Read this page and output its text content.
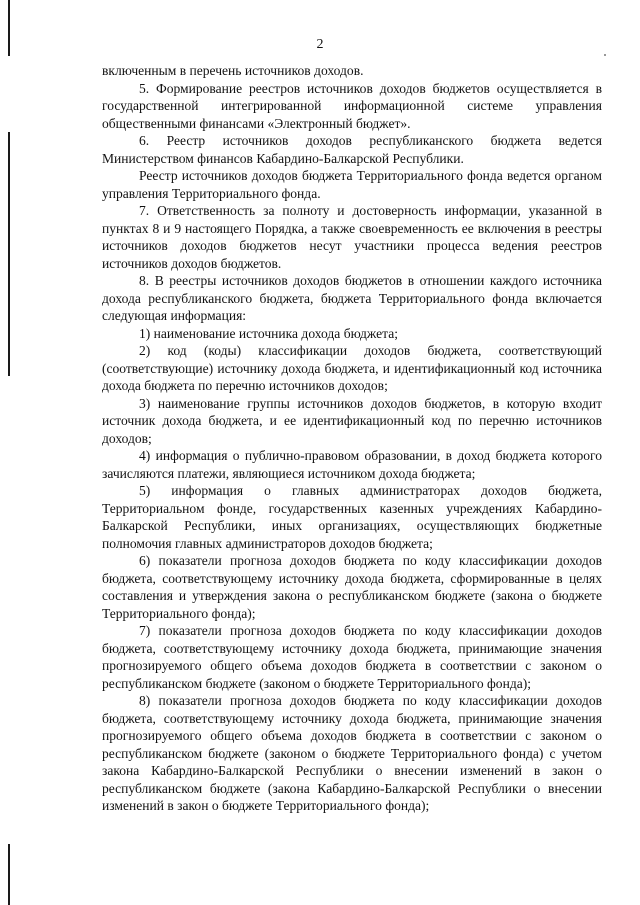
2

включенным в перечень источников доходов.

5. Формирование реестров источников доходов бюджетов осуществляется в государственной интегрированной информационной системе управления общественными финансами «Электронный бюджет».

6. Реестр источников доходов республиканского бюджета ведется Министерством финансов Кабардино-Балкарской Республики.

Реестр источников доходов бюджета Территориального фонда ведется органом управления Территориального фонда.

7. Ответственность за полноту и достоверность информации, указанной в пунктах 8 и 9 настоящего Порядка, а также своевременность ее включения в реестры источников доходов бюджетов несут участники процесса ведения реестров источников доходов бюджетов.

8. В реестры источников доходов бюджетов в отношении каждого источника дохода республиканского бюджета, бюджета Территориального фонда включается следующая информация:

1) наименование источника дохода бюджета;

2) код (коды) классификации доходов бюджета, соответствующий (соответствующие) источнику дохода бюджета, и идентификационный код источника дохода бюджета по перечню источников доходов;

3) наименование группы источников доходов бюджетов, в которую входит источник дохода бюджета, и ее идентификационный код по перечню источников доходов;

4) информация о публично-правовом образовании, в доход бюджета которого зачисляются платежи, являющиеся источником дохода бюджета;

5) информация о главных администраторах доходов бюджета, Территориальном фонде, государственных казенных учреждениях Кабардино-Балкарской Республики, иных организациях, осуществляющих бюджетные полномочия главных администраторов доходов бюджета;

6) показатели прогноза доходов бюджета по коду классификации доходов бюджета, соответствующему источнику дохода бюджета, сформированные в целях составления и утверждения закона о республиканском бюджете (закона о бюджете Территориального фонда);

7) показатели прогноза доходов бюджета по коду классификации доходов бюджета, соответствующему источнику дохода бюджета, принимающие значения прогнозируемого общего объема доходов бюджета в соответствии с законом о республиканском бюджете (законом о бюджете Территориального фонда);

8) показатели прогноза доходов бюджета по коду классификации доходов бюджета, соответствующему источнику дохода бюджета, принимающие значения прогнозируемого общего объема доходов бюджета в соответствии с законом о республиканском бюджете (законом о бюджете Территориального фонда) с учетом закона Кабардино-Балкарской Республики о внесении изменений в закон о республиканском бюджете (закона Кабардино-Балкарской Республики о внесении изменений в закон о бюджете Территориального фонда);
